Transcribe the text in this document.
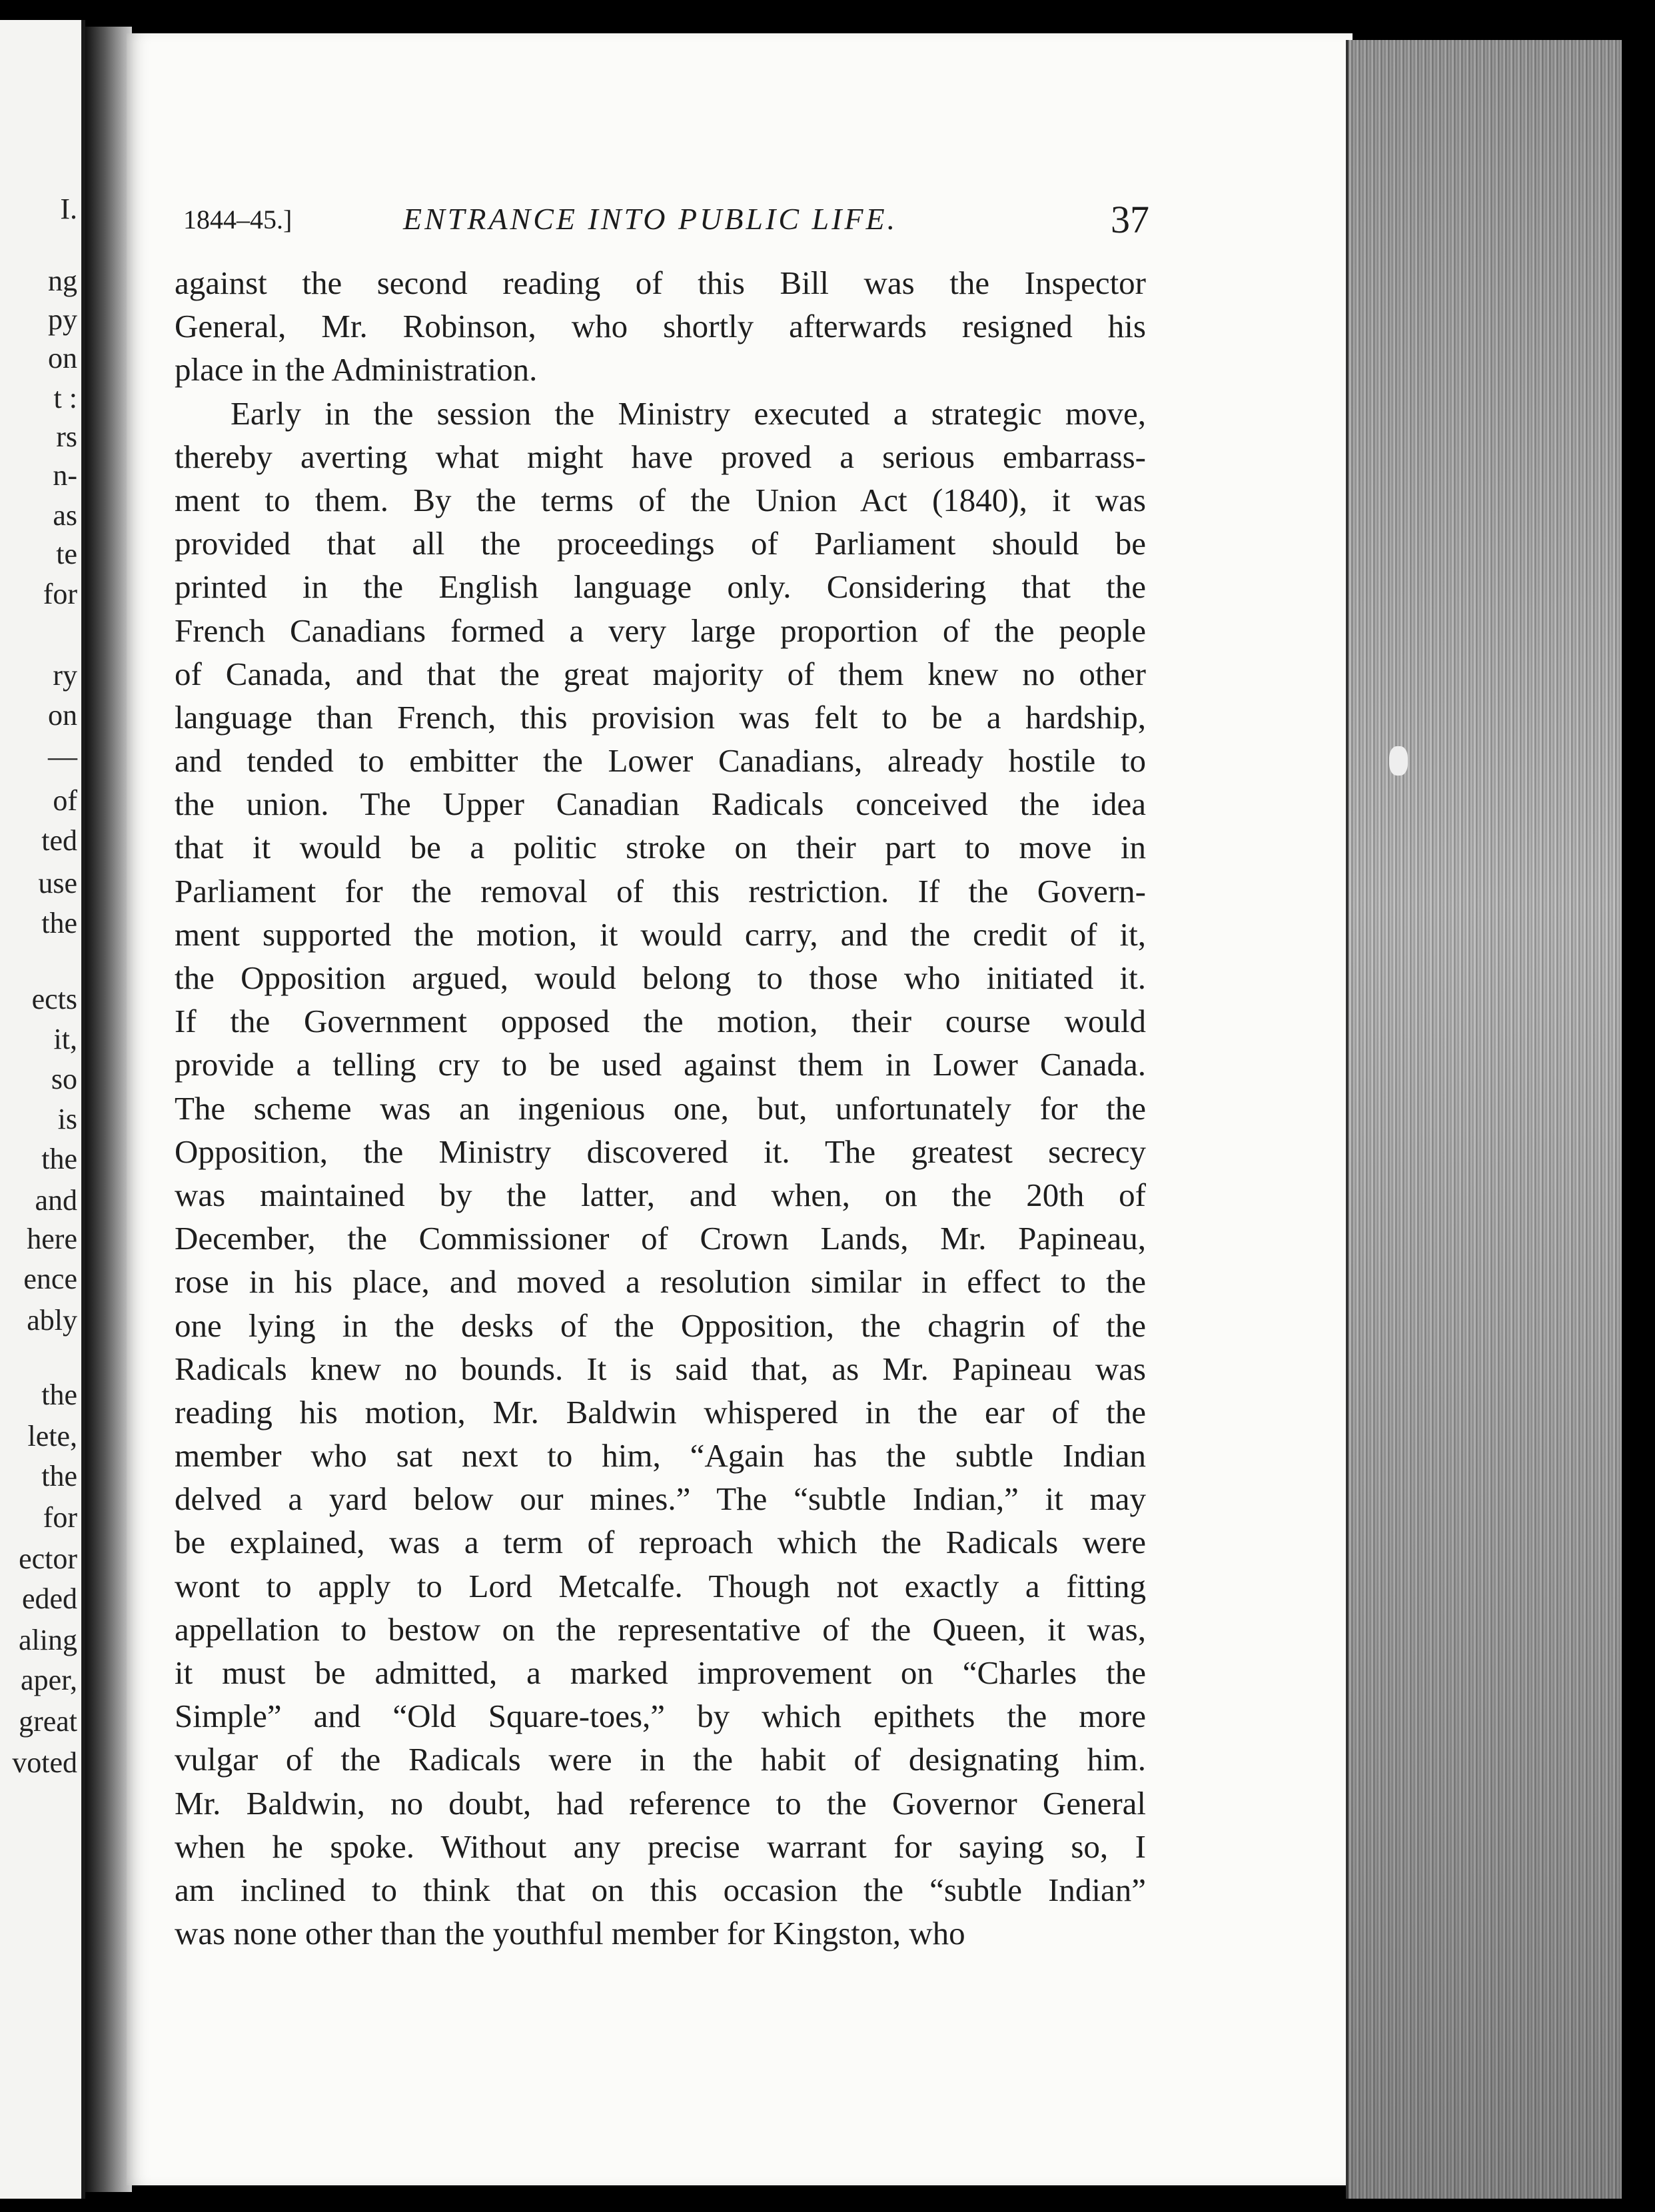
I.
ng
py
on
t :
rs
n-
as
te
for
ry
on
—
of
ted
use
the
ects
it,
so
is
the
and
here
ence
ably
the
lete,
the
for
ector
eded
aling
aper,
great
voted
1844–45.]	ENTRANCE INTO PUBLIC LIFE.	37
against the second reading of this Bill was the Inspector
General, Mr. Robinson, who shortly afterwards resigned his
place in the Administration.
Early in the session the Ministry executed a strategic move,
thereby averting what might have proved a serious embarrass-
ment to them. By the terms of the Union Act (1840), it was
provided that all the proceedings of Parliament should be
printed in the English language only. Considering that the
French Canadians formed a very large proportion of the people
of Canada, and that the great majority of them knew no other
language than French, this provision was felt to be a hardship,
and tended to embitter the Lower Canadians, already hostile to
the union. The Upper Canadian Radicals conceived the idea
that it would be a politic stroke on their part to move in
Parliament for the removal of this restriction. If the Govern-
ment supported the motion, it would carry, and the credit of it,
the Opposition argued, would belong to those who initiated it.
If the Government opposed the motion, their course would
provide a telling cry to be used against them in Lower Canada.
The scheme was an ingenious one, but, unfortunately for the
Opposition, the Ministry discovered it. The greatest secrecy
was maintained by the latter, and when, on the 20th of
December, the Commissioner of Crown Lands, Mr. Papineau,
rose in his place, and moved a resolution similar in effect to the
one lying in the desks of the Opposition, the chagrin of the
Radicals knew no bounds. It is said that, as Mr. Papineau was
reading his motion, Mr. Baldwin whispered in the ear of the
member who sat next to him, “Again has the subtle Indian
delved a yard below our mines.” The “subtle Indian,” it may
be explained, was a term of reproach which the Radicals were
wont to apply to Lord Metcalfe. Though not exactly a fitting
appellation to bestow on the representative of the Queen, it was,
it must be admitted, a marked improvement on “Charles the
Simple” and “Old Square-toes,” by which epithets the more
vulgar of the Radicals were in the habit of designating him.
Mr. Baldwin, no doubt, had reference to the Governor General
when he spoke. Without any precise warrant for saying so, I
am inclined to think that on this occasion the “subtle Indian”
was none other than the youthful member for Kingston, who
